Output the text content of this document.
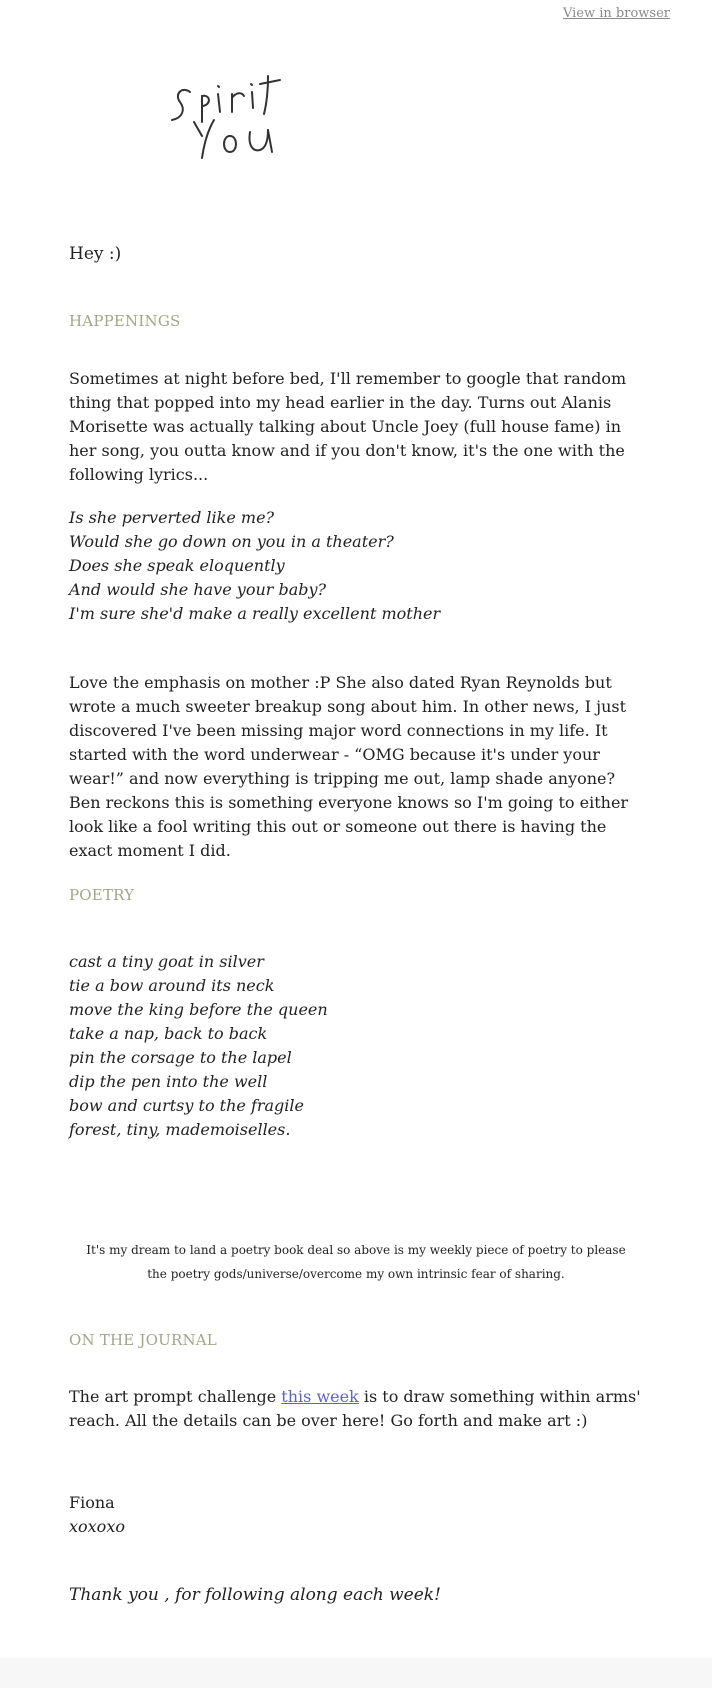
View in browser
Hey :)
HAPPENINGS
Sometimes at night before bed, I'll remember to google that random thing that popped into my head earlier in the day. Turns out Alanis Morisette was actually talking about Uncle Joey (full house fame) in her song, you outta know and if you don't know, it's the one with the following lyrics...
Is she perverted like me?
Would she go down on you in a theater?
Does she speak eloquently
And would she have your baby?
I'm sure she'd make a really excellent mother
Love the emphasis on mother :P She also dated Ryan Reynolds but wrote a much sweeter breakup song about him. In other news, I just discovered I've been missing major word connections in my life. It started with the word underwear - “OMG because it's under your wear!” and now everything is tripping me out, lamp shade anyone? Ben reckons this is something everyone knows so I'm going to either look like a fool writing this out or someone out there is having the exact moment I did.
POETRY
cast a tiny goat in silver
tie a bow around its neck
move the king before the queen
take a nap, back to back
pin the corsage to the lapel
dip the pen into the well
bow and curtsy to the fragile
forest, tiny, mademoiselles.
It's my dream to land a poetry book deal so above is my weekly piece of poetry to please the poetry gods/universe/overcome my own intrinsic fear of sharing.
ON THE JOURNAL
The art prompt challenge this week is to draw something within arms' reach. All the details can be over here! Go forth and make art :)
Fiona
xoxoxo
Thank you , for following along each week!
